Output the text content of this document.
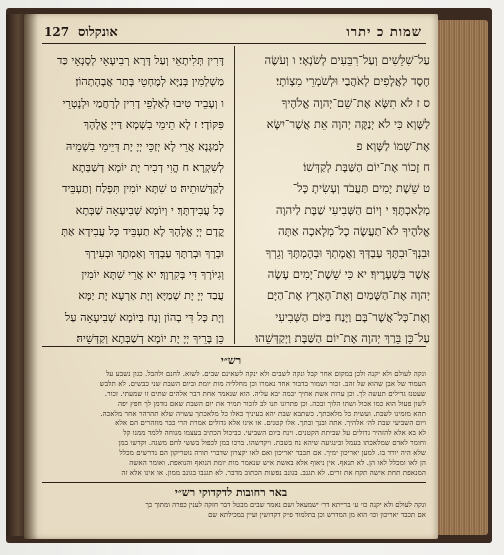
שמות כ יתרו
אונקלוס
127
עַל־שִׁלֵּשִׁים וְעַל־רִבֵּעִים לְשֹׂנְאָי׃ ו וְעֹשֶׂה
חֶסֶד לַאֲלָפִים לְאֹהֲבַי וּלְשֹׁמְרֵי מִצְוֹתָי׃
ס ז לֹא תִשָּׂא אֶת־שֵׁם־יְהוָה אֱלֹהֶיךָ
לַשָּׁוְא כִּי לֹא יְנַקֶּה יְהוָה אֵת אֲשֶׁר־יִשָּׂא
אֶת־שְׁמוֹ לַשָּׁוְא׃ פ
ח זָכוֹר אֶת־יוֹם הַשַּׁבָּת לְקַדְּשׁוֹ׃
ט שֵׁשֶׁת יָמִים תַּעֲבֹד וְעָשִׂיתָ כָּל־
מְלַאכְתֶּךָ׃ י וְיוֹם הַשְּׁבִיעִי שַׁבָּת לַיהוָה
אֱלֹהֶיךָ לֹא־תַעֲשֶׂה כָל־מְלָאכָה אַתָּה
וּבִנְךָ־וּבִתֶּךָ עַבְדְּךָ וַאֲמָתְךָ וּבְהֶמְתֶּךָ וְגֵרְךָ
אֲשֶׁר בִּשְׁעָרֶיךָ׃ יא כִּי שֵׁשֶׁת־יָמִים עָשָׂה
יְהוָה אֶת־הַשָּׁמַיִם וְאֶת־הָאָרֶץ אֶת־הַיָּם
וְאֶת־כָּל־אֲשֶׁר־בָּם וַיָּנַח בַּיּוֹם הַשְּׁבִיעִי
עַל־כֵּן בֵּרַךְ יְהוָה אֶת־יוֹם הַשַּׁבָּת וַיְקַדְּשֵׁהוּ׃
דָּרִין תְּלִיתָאֵי וְעַל דָּרָא רְבִיעָאֵי לְסָנְאָי כַּד
מַשְׁלְמִין בְּנַיָּא לְמֶחְטֵי בָּתַר אֲבָהָתְהוֹן׃
ו וְעָבֵיד טִיבוּ לְאַלְפֵי דָרִין לְרָחֲמַי וּלְנָטְרֵי
פִּקּוֹדָי׃ ז לָא תֵימֵי בִשְׁמָא דַּייָ אֱלָהָךְ
לְמַגָּנָא אֲרֵי לָא יְזַכֵּי יְיָ יָת דְּיֵימֵי בִשְׁמֵיהּ
לְשִׁקְרָא׃ ח הֱוִי דְכִיר יָת יוֹמָא דְשַׁבְּתָא
לְקַדָּשׁוּתֵיהּ׃ ט שִׁתָּא יוֹמִין תִּפְלַח וְתַעְבֵּיד
כָּל עֲבִידְתָּךְ׃ י וְיוֹמָא שְׁבִיעָאָה שַׁבְּתָא
קֳדָם יְיָ אֱלָהָךְ לָא תַעְבֵּיד כָּל עֲבִידָא אַתְּ
וּבְרָךְ וּבְרַתָּךְ עַבְדָּךְ וְאַמְתָךְ וּבְעִירָךְ
וְגִיּוֹרָךְ דִּי בְּקִרְוָךְ׃ יא אֲרֵי שִׁתָּא יוֹמִין
עֲבַד יְיָ יָת שְׁמַיָּא וְיָת אַרְעָא יָת יַמָּא
וְיָת כָּל דִּי בְהוֹן וְנָח בְּיוֹמָא שְׁבִיעָאָה עַל
כֵּן בָּרֵיךְ יְיָ יָת יוֹמָא דְשַׁבְּתָא וְקַדְּשֵׁיהּ׃
רש״י
ונקה לעולם ולא יקנה ולכן במקום אחר קבל ונקה לשבים ולא ינקה לשאינם שבים. לשוא. לחנם ולהבל. כגון נשבע על
העמוד של אבן שהוא של זהב. זכור ושמור בדבור אחד נאמרו וכן מחלליה מות יומת וביום השבת שני כבשים. לא תלבש
שעטנז גדילים תעשה לך. וכן ערות אשת אחיך יבמה יבא עליה. הוא שנאמר אחת דבר אלהים שתים זו שמעתי. זכור.
לשון פעול הוא כמו אכול ושתו הלוך ובכה. וכן פתרונו תנו לב לזכור תמיד את יום השבת שאם נזדמן לך חפץ יפה
תהא מזמינו לשבת. ועשית כל מלאכתך. כשתבא שבת יהא בעיניך כאלו כל מלאכתך עשויה שלא תהרהר אחר מלאכה.
ויום השביעי שבת לה׳ אלהיך. אתה ובנך ובתך. אלו קטנים. או אינו אלא גדולים אמרת הרי כבר מוזהרים הם אלא
לא בא אלא להזהיר גדולים על שביתת הקטנים. וינח ביום השביעי. כביכול הכתיב בעצמו מנוחה ללמד ממנו קל
וחומר לאדם שמלאכתו בעמל ובינגיעה שיהא נח בשבת. ויקדשהו. ברכו במן לכפול בששי לחם משנה. וקדשו במן
שלא היה יורד בו. למען יאריכון ימיך. אם תכבד יאריכון ואם לאו יקצרון שדברי תורה נוטריקון הם נדרשים מכלל
הן לאו ומכלל לאו הן. לא תנאף. אין ניאוף אלא באשת איש שנאמר מות יומת הנואף והנואפת. ואומר האשה
המנאפת תחת אישה תקח את זרים. לא תגנב. בגונב נפשות הכתוב מדבר. לא תגנבו בגונב ממון. או אינו אלא זה
באר רחובות לדקדוקי רש״י
ונקה לעולם ולא יקנה כו׳ ע׳ ברייתא דר׳ ישמעאל ושם נאמר שבים מבטל דבר חזקה לענין כפרה ומתוך כך
אם תכבד יאריכון וכו׳ הוא מן המדרש וכן בתלמוד פ״ק דקדושין ועיין במכילתא שם
